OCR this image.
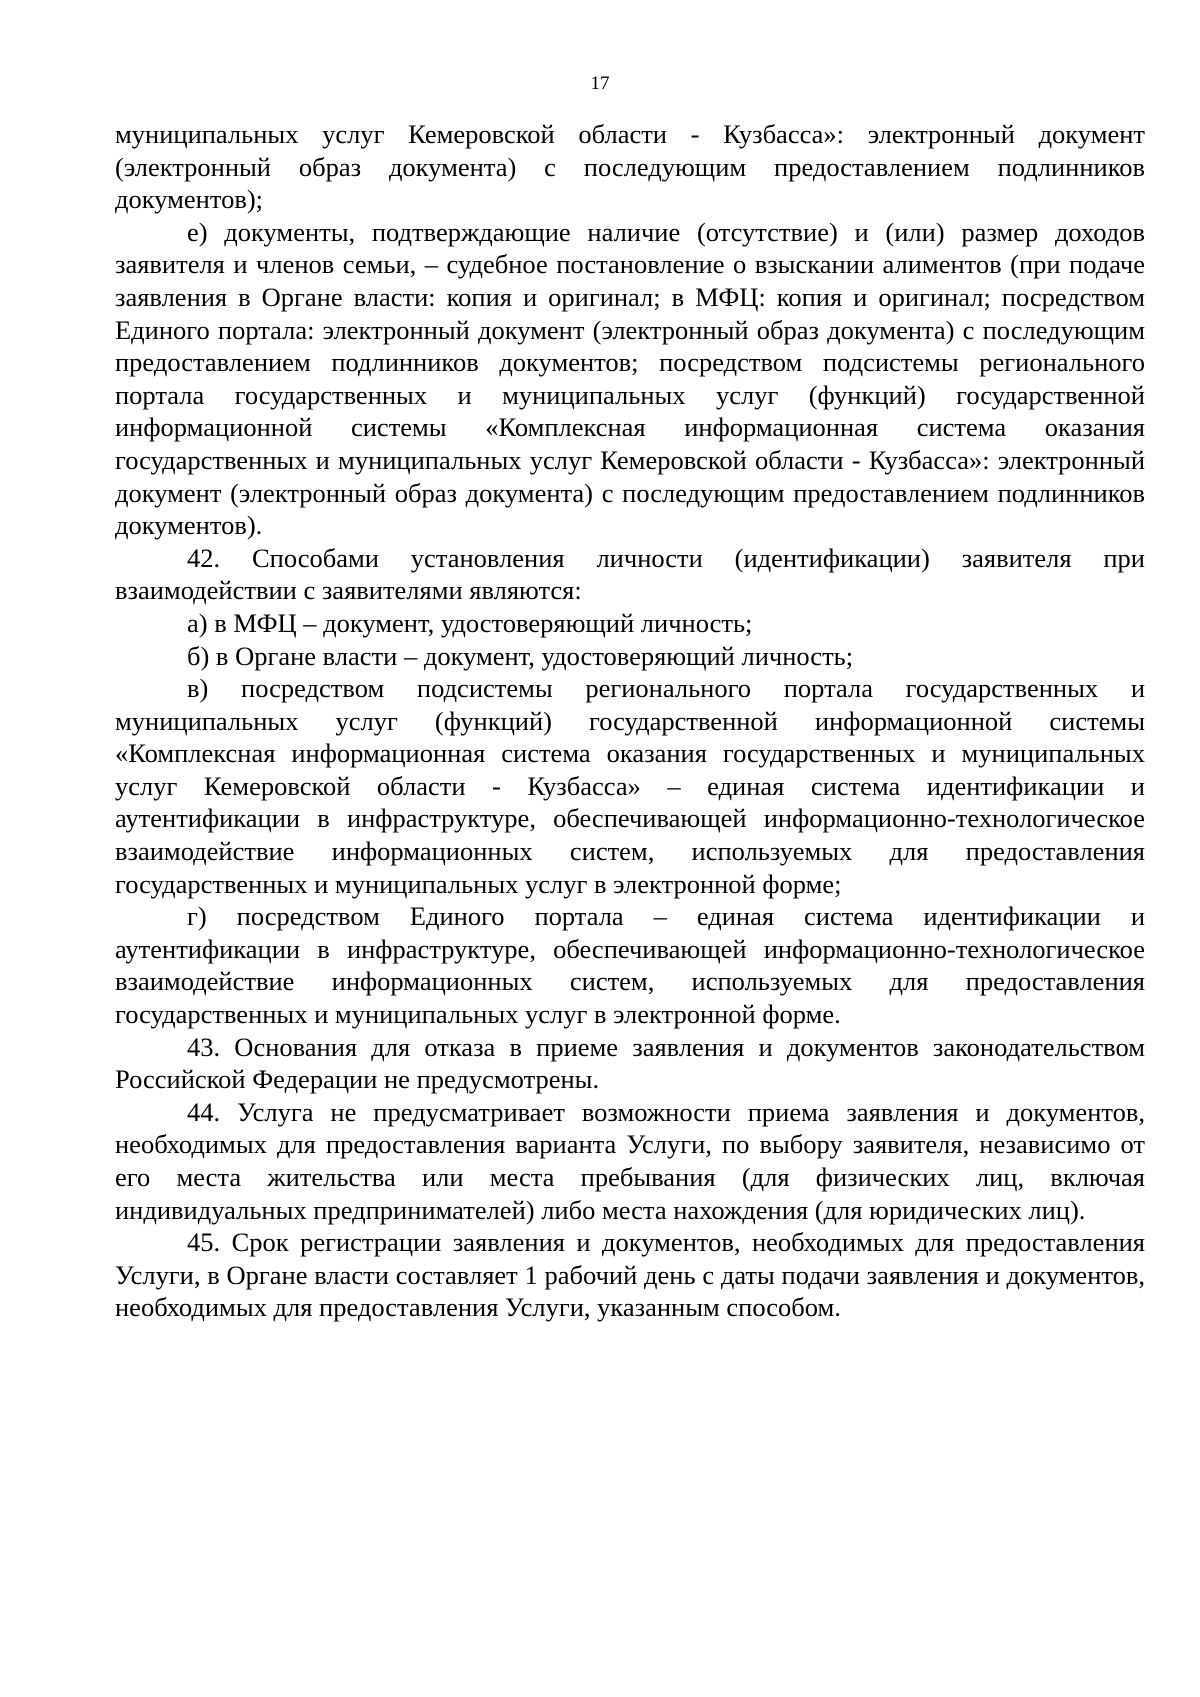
17

муниципальных услуг Кемеровской области - Кузбасса»: электронный документ (электронный образ документа) с последующим предоставлением подлинников документов);

е) документы, подтверждающие наличие (отсутствие) и (или) размер доходов заявителя и членов семьи, – судебное постановление о взыскании алиментов (при подаче заявления в Органе власти: копия и оригинал; в МФЦ: копия и оригинал; посредством Единого портала: электронный документ (электронный образ документа) с последующим предоставлением подлинников документов; посредством подсистемы регионального портала государственных и муниципальных услуг (функций) государственной информационной системы «Комплексная информационная система оказания государственных и муниципальных услуг Кемеровской области - Кузбасса»: электронный документ (электронный образ документа) с последующим предоставлением подлинников документов).

42. Способами установления личности (идентификации) заявителя при взаимодействии с заявителями являются:

а) в МФЦ – документ, удостоверяющий личность;

б) в Органе власти – документ, удостоверяющий личность;

в) посредством подсистемы регионального портала государственных и муниципальных услуг (функций) государственной информационной системы «Комплексная информационная система оказания государственных и муниципальных услуг Кемеровской области - Кузбасса» – единая система идентификации и аутентификации в инфраструктуре, обеспечивающей информационно-технологическое взаимодействие информационных систем, используемых для предоставления государственных и муниципальных услуг в электронной форме;

г) посредством Единого портала – единая система идентификации и аутентификации в инфраструктуре, обеспечивающей информационно-технологическое взаимодействие информационных систем, используемых для предоставления государственных и муниципальных услуг в электронной форме.

43. Основания для отказа в приеме заявления и документов законодательством Российской Федерации не предусмотрены.

44. Услуга не предусматривает возможности приема заявления и документов, необходимых для предоставления варианта Услуги, по выбору заявителя, независимо от его места жительства или места пребывания (для физических лиц, включая индивидуальных предпринимателей) либо места нахождения (для юридических лиц).

45. Срок регистрации заявления и документов, необходимых для предоставления Услуги, в Органе власти составляет 1 рабочий день с даты подачи заявления и документов, необходимых для предоставления Услуги, указанным способом.
